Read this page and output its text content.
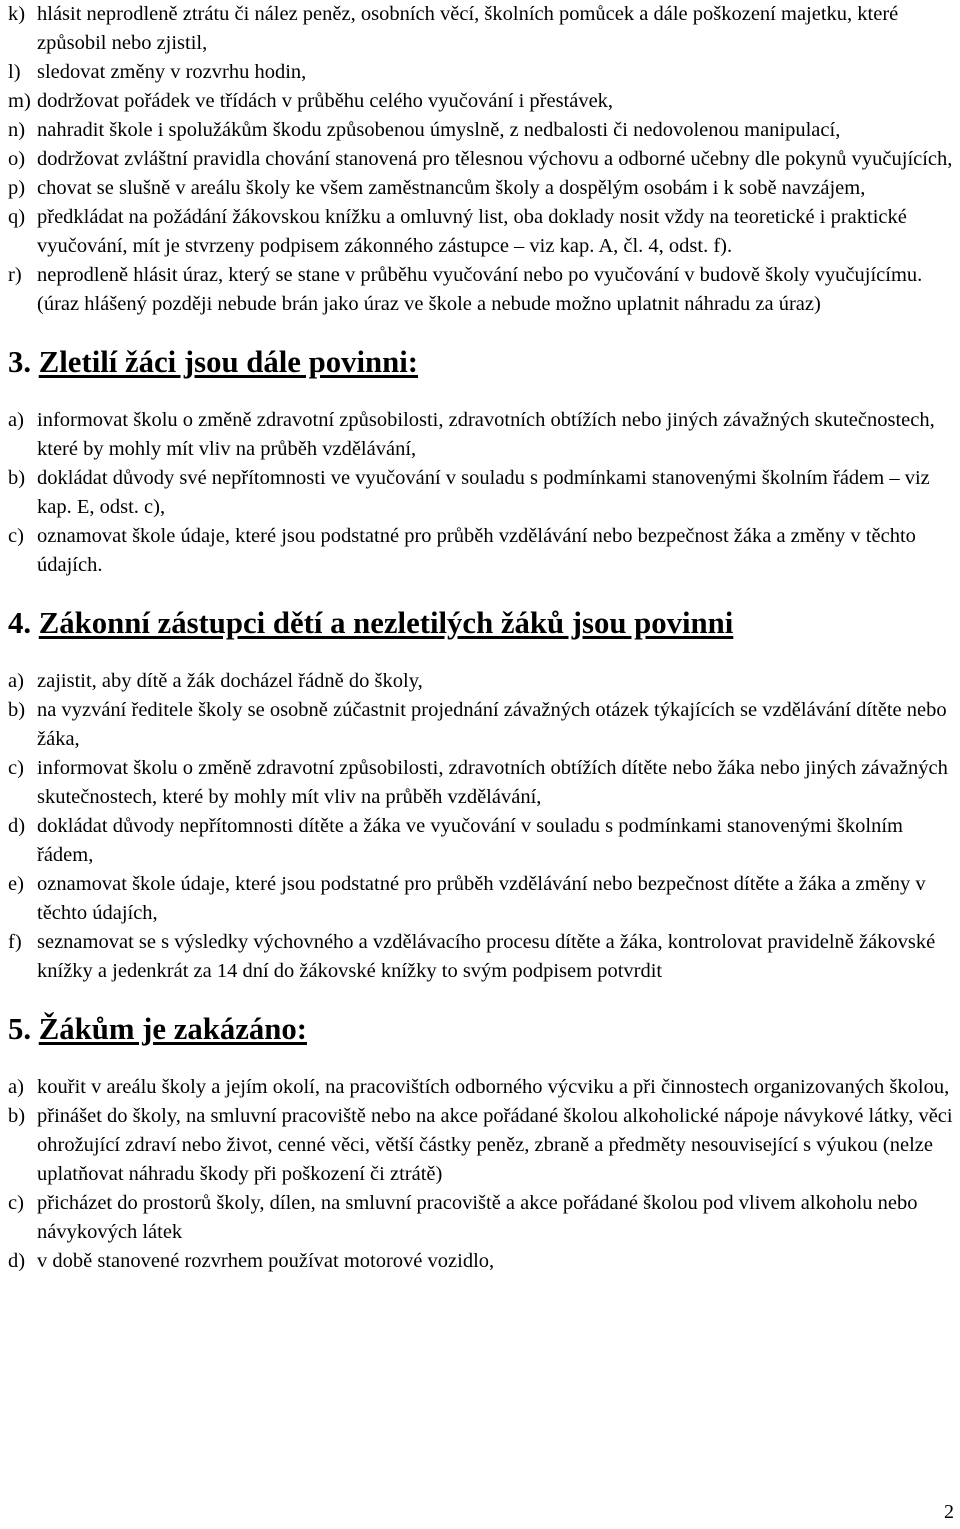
k) hlásit neprodleně ztrátu či nález peněz, osobních věcí, školních pomůcek a dále poškození majetku, které způsobil nebo zjistil,
l) sledovat změny v rozvrhu hodin,
m) dodržovat pořádek ve třídách v průběhu celého vyučování i přestávek,
n) nahradit škole i spolužákům škodu způsobenou úmyslně, z nedbalosti či nedovolenou manipulací,
o) dodržovat zvláštní pravidla chování stanovená pro tělesnou výchovu a odborné učebny dle pokynů vyučujících,
p) chovat se slušně v areálu školy ke všem zaměstnancům školy a dospělým osobám i k sobě navzájem,
q) předkládat na požádání žákovskou knížku a omluvný list, oba doklady nosit vždy na teoretické i praktické vyučování, mít je stvrzeny podpisem zákonného zástupce – viz kap. A, čl. 4, odst. f).
r) neprodleně hlásit úraz, který se stane v průběhu vyučování nebo po vyučování v budově školy vyučujícímu.(úraz hlášený později nebude brán jako úraz ve škole a nebude možno uplatnit náhradu za úraz)
3. Zletilí žáci jsou dále povinni:
a) informovat školu o změně zdravotní způsobilosti, zdravotních obtížích nebo jiných závažných skutečnostech, které by mohly mít vliv na průběh vzdělávání,
b) dokládat důvody své nepřítomnosti ve vyučování v souladu s podmínkami stanovenými školním řádem – viz kap. E, odst. c),
c) oznamovat škole údaje, které jsou podstatné pro průběh vzdělávání nebo bezpečnost žáka a změny v těchto údajích.
4. Zákonní zástupci dětí a nezletilých žáků jsou povinni
a) zajistit, aby dítě a žák docházel řádně do školy,
b) na vyzvání ředitele školy se osobně zúčastnit projednání závažných otázek týkajících se vzdělávání dítěte nebo žáka,
c) informovat školu o změně zdravotní způsobilosti, zdravotních obtížích dítěte nebo žáka nebo jiných závažných skutečnostech, které by mohly mít vliv na průběh vzdělávání,
d) dokládat důvody nepřítomnosti dítěte a žáka ve vyučování v souladu s podmínkami stanovenými školním řádem,
e) oznamovat škole údaje, které jsou podstatné pro průběh vzdělávání nebo bezpečnost dítěte a žáka a změny v těchto údajích,
f) seznamovat se s výsledky výchovného a vzdělávacího procesu dítěte a žáka, kontrolovat pravidelně žákovské knížky a jedenkrát za 14 dní do žákovské knížky to svým podpisem potvrdit
5. Žákům je zakázáno:
a) kouřit v areálu školy a jejím okolí, na pracovištích odborného výcviku a při činnostech organizovaných školou,
b) přinášet do školy, na smluvní pracoviště nebo na akce pořádané školou alkoholické nápoje návykové látky, věci ohrožující zdraví nebo život, cenné věci, větší částky peněz, zbraně a předměty nesouvisející s výukou (nelze uplatňovat náhradu škody při poškození či ztrátě)
c) přicházet do prostorů školy, dílen, na smluvní pracoviště a akce pořádané školou pod vlivem alkoholu nebo návykových látek
d) v době stanovené rozvrhem používat motorové vozidlo,
2
